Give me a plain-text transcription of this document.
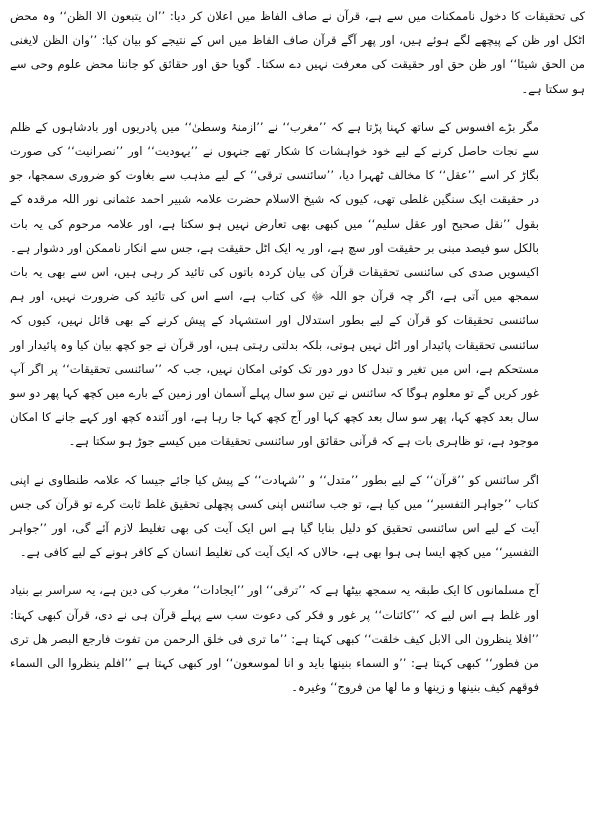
کی تحقیقات کا دخول ناممکنات میں سے ہے، قرآن نے صاف الفاظ میں اعلان کر دیا: ’’ان یتبعون الا الظن‘‘ وہ محض اٹکل اور ظن کے پیچھے لگے ہوئے ہیں، اور پھر آگے قرآن صاف الفاظ میں اس کے نتیجے کو بیان کیا: ’’وان الظن لایغنی من الحق شیئا‘‘ اور ظن حق اور حقیقت کی معرفت نہیں دے سکتا۔ گویا حق اور حقائق کو جاننا محض علوم وحی سے ہو سکتا ہے۔

مگر بڑے افسوس کے ساتھ کہنا پڑتا ہے کہ ’’مغرب‘‘ نے ’’ازمنۂ وسطیٰ‘‘ میں پادریوں اور بادشاہوں کے ظلم سے نجات حاصل کرنے کے لیے خود خواہشات کا شکار تھے جنہوں نے ’’یہودیت‘‘ اور ’’نصرانیت‘‘ کی صورت بگاڑ کر اسے ’’عقل‘‘ کا مخالف ٹھہرا دیا، ’’سائنسی ترقی‘‘ کے لیے مذہب سے بغاوت کو ضروری سمجھا، جو در حقیقت ایک سنگین غلطی تھی، کیوں کہ شیخ الاسلام حضرت علامہ شبیر احمد عثمانی نور اللہ مرقدہ کے بقول ’’نقل صحیح اور عقل سلیم‘‘ میں کبھی بھی تعارض نہیں ہو سکتا ہے، اور علامہ مرحوم کی یہ بات بالکل سو فیصد مبنی بر حقیقت اور سچ ہے، اور یہ ایک اٹل حقیقت ہے، جس سے انکار ناممکن اور دشوار ہے۔ اکیسویں صدی کی سائنسی تحقیقات قرآن کی بیان کردہ باتوں کی تائید کر رہی ہیں، اس سے بھی یہ بات سمجھ میں آتی ہے، اگر چہ قرآن جو اللہ ﷻ کی کتاب ہے، اسے اس کی تائید کی ضرورت نہیں، اور ہم سائنسی تحقیقات کو قرآن کے لیے بطور استدلال اور استشہاد کے پیش کرنے کے بھی قائل نہیں، کیوں کہ سائنسی تحقیقات پائیدار اور اٹل نہیں ہوتی، بلکہ بدلتی رہتی ہیں، اور قرآن نے جو کچھ بیان کیا وہ پائیدار اور مستحکم ہے، اس میں تغیر و تبدل کا دور دور تک کوئی امکان نہیں، جب کہ ’’سائنسی تحقیقات‘‘ پر اگر آپ غور کریں گے تو معلوم ہوگا کہ سائنس نے تین سو سال پہلے آسمان اور زمین کے بارے میں کچھ کہا پھر دو سو سال بعد کچھ کہا، پھر سو سال بعد کچھ کہا اور آج کچھ کہا جا رہا ہے، اور آئندہ کچھ اور کہے جانے کا امکان موجود ہے، تو ظاہری بات ہے کہ قرآنی حقائق اور سائنسی تحقیقات میں کیسے جوڑ ہو سکتا ہے۔

اگر سائنس کو ’’قرآن‘‘ کے لیے بطور ’’متدل‘‘ و ’’شہادت‘‘ کے پیش کیا جائے جیسا کہ علامہ طنطاوی نے اپنی کتاب ’’جواہر التفسیر‘‘ میں کیا ہے، تو جب سائنس اپنی کسی پچھلی تحقیق غلط ثابت کرے تو قرآن کی جس آیت کے لیے اس سائنسی تحقیق کو دلیل بنایا گیا ہے اس ایک آیت کی بھی تغلیط لازم آئے گی، اور ’’جواہر التفسیر‘‘ میں کچھ ایسا ہی ہوا بھی ہے، حالاں کہ ایک آیت کی تغلیط انسان کے کافر ہونے کے لیے کافی ہے۔

آج مسلمانوں کا ایک طبقہ یہ سمجھ بیٹھا ہے کہ ’’ترقی‘‘ اور ’’ایجادات‘‘ مغرب کی دین ہے، یہ سراسر بے بنیاد اور غلط ہے اس لیے کہ ’’کائنات‘‘ پر غور و فکر کی دعوت سب سے پہلے قرآن ہی نے دی، قرآن کبھی کہتا: ’’افلا ینظرون الی الابل کیف خلقت‘‘ کبھی کہتا ہے: ’’ما تری فی خلق الرحمن من تفوت فارجع البصر هل تری من فطور‘‘ کبھی کہتا ہے: ’’و السماء بنینها باید و انا لموسعون‘‘ اور کبھی کہتا ہے ’’افلم ینظروا الی السماء فوقهم کیف بنینها و زینها و ما لها من فروج‘‘ وغیرہ۔
